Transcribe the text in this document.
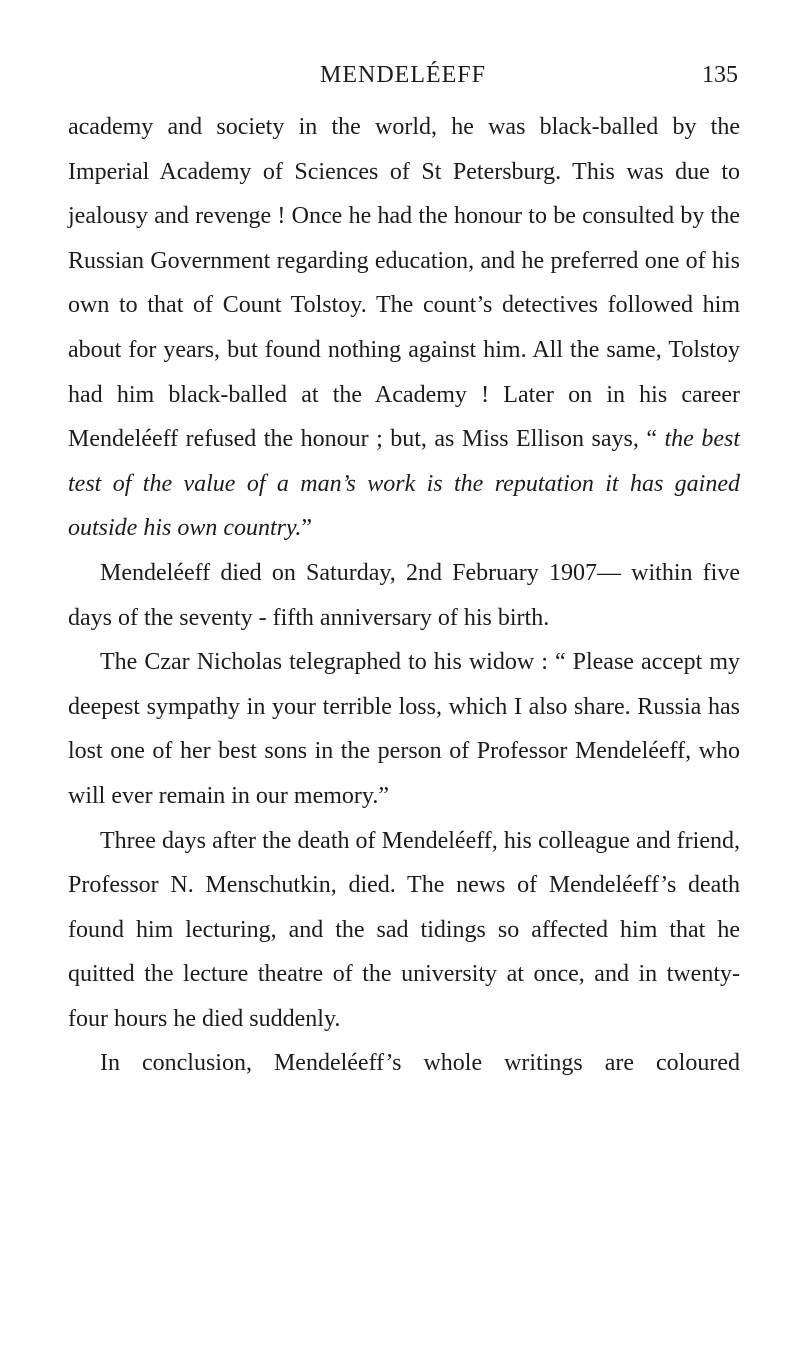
MENDELÉEFF	135

academy and society in the world, he was black-balled by the Imperial Academy of Sciences of St Petersburg. This was due to jealousy and revenge ! Once he had the honour to be consulted by the Russian Government regarding education, and he preferred one of his own to that of Count Tolstoy. The count’s detectives followed him about for years, but found nothing against him. All the same, Tolstoy had him black-balled at the Academy ! Later on in his career Mendeléeff refused the honour ; but, as Miss Ellison says, “ the best test of the value of a man’s work is the reputation it has gained outside his own country.”

Mendeléeff died on Saturday, 2nd February 1907— within five days of the seventy - fifth anniversary of his birth.

The Czar Nicholas telegraphed to his widow : “ Please accept my deepest sympathy in your terrible loss, which I also share. Russia has lost one of her best sons in the person of Professor Mendeléeff, who will ever remain in our memory.”

Three days after the death of Mendeléeff, his colleague and friend, Professor N. Menschutkin, died. The news of Mendeléeff’s death found him lecturing, and the sad tidings so affected him that he quitted the lecture theatre of the university at once, and in twenty-four hours he died suddenly.

In conclusion, Mendeléeff’s whole writings are coloured
